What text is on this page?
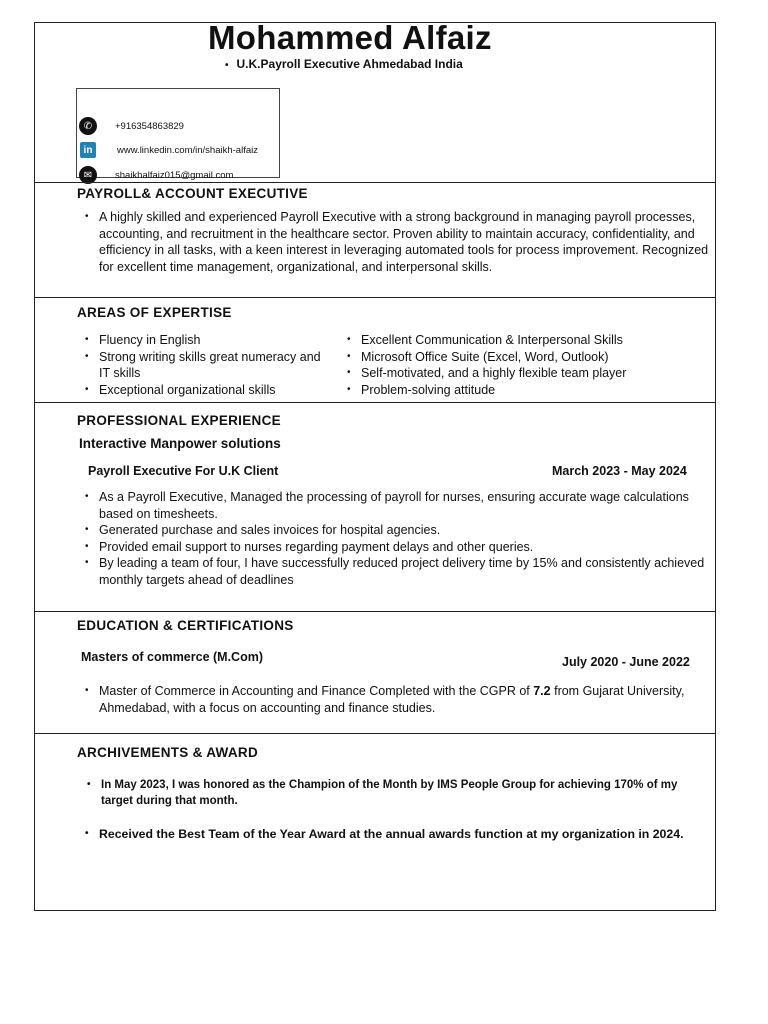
Mohammed Alfaiz
• U.K.Payroll Executive Ahmedabad India
✆	+916354863829
in	www.linkedin.com/in/shaikh-alfaiz
✉	shaikhalfaiz015@gmail.com
PAYROLL& ACCOUNT EXECUTIVE
• A highly skilled and experienced Payroll Executive with a strong background in managing payroll processes, accounting, and recruitment in the healthcare sector. Proven ability to maintain accuracy, confidentiality, and efficiency in all tasks, with a keen interest in leveraging automated tools for process improvement. Recognized for excellent time management, organizational, and interpersonal skills.
AREAS OF EXPERTISE
• Fluency in English
• Strong writing skills great numeracy and IT skills
• Exceptional organizational skills
• Excellent Communication & Interpersonal Skills
• Microsoft Office Suite (Excel, Word, Outlook)
• Self-motivated, and a highly flexible team player
• Problem-solving attitude
PROFESSIONAL EXPERIENCE
Interactive Manpower solutions
Payroll Executive For U.K Client	March 2023 - May 2024
• As a Payroll Executive, Managed the processing of payroll for nurses, ensuring accurate wage calculations based on timesheets.
• Generated purchase and sales invoices for hospital agencies.
• Provided email support to nurses regarding payment delays and other queries.
• By leading a team of four, I have successfully reduced project delivery time by 15% and consistently achieved monthly targets ahead of deadlines
EDUCATION & CERTIFICATIONS
Masters of commerce (M.Com)	July 2020 - June 2022
• Master of Commerce in Accounting and Finance Completed with the CGPR of 7.2 from Gujarat University, Ahmedabad, with a focus on accounting and finance studies.
ARCHIVEMENTS & AWARD
• In May 2023, I was honored as the Champion of the Month by IMS People Group for achieving 170% of my target during that month.
• Received the Best Team of the Year Award at the annual awards function at my organization in 2024.
